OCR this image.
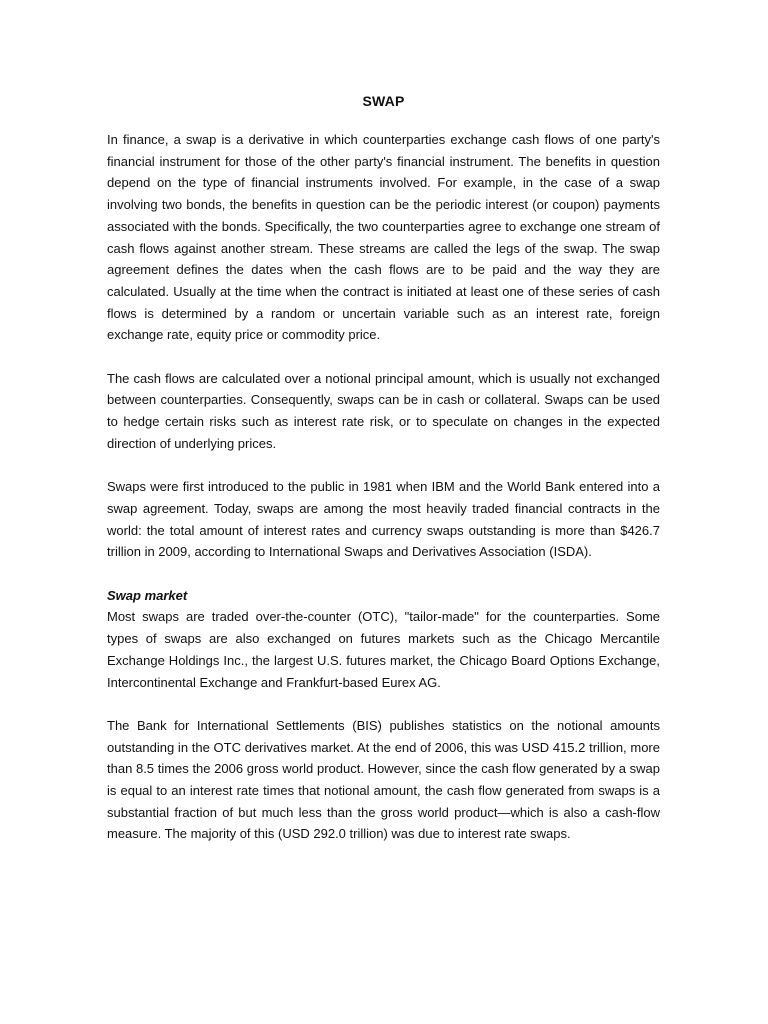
SWAP

In finance, a swap is a derivative in which counterparties exchange cash flows of one party's financial instrument for those of the other party's financial instrument. The benefits in question depend on the type of financial instruments involved. For example, in the case of a swap involving two bonds, the benefits in question can be the periodic interest (or coupon) payments associated with the bonds. Specifically, the two counterparties agree to exchange one stream of cash flows against another stream. These streams are called the legs of the swap. The swap agreement defines the dates when the cash flows are to be paid and the way they are calculated. Usually at the time when the contract is initiated at least one of these series of cash flows is determined by a random or uncertain variable such as an interest rate, foreign exchange rate, equity price or commodity price.

The cash flows are calculated over a notional principal amount, which is usually not exchanged between counterparties. Consequently, swaps can be in cash or collateral. Swaps can be used to hedge certain risks such as interest rate risk, or to speculate on changes in the expected direction of underlying prices.

Swaps were first introduced to the public in 1981 when IBM and the World Bank entered into a swap agreement. Today, swaps are among the most heavily traded financial contracts in the world: the total amount of interest rates and currency swaps outstanding is more than $426.7 trillion in 2009, according to International Swaps and Derivatives Association (ISDA).

Swap market

Most swaps are traded over-the-counter (OTC), "tailor-made" for the counterparties. Some types of swaps are also exchanged on futures markets such as the Chicago Mercantile Exchange Holdings Inc., the largest U.S. futures market, the Chicago Board Options Exchange, Intercontinental Exchange and Frankfurt-based Eurex AG.

The Bank for International Settlements (BIS) publishes statistics on the notional amounts outstanding in the OTC derivatives market. At the end of 2006, this was USD 415.2 trillion, more than 8.5 times the 2006 gross world product. However, since the cash flow generated by a swap is equal to an interest rate times that notional amount, the cash flow generated from swaps is a substantial fraction of but much less than the gross world product—which is also a cash-flow measure. The majority of this (USD 292.0 trillion) was due to interest rate swaps.
